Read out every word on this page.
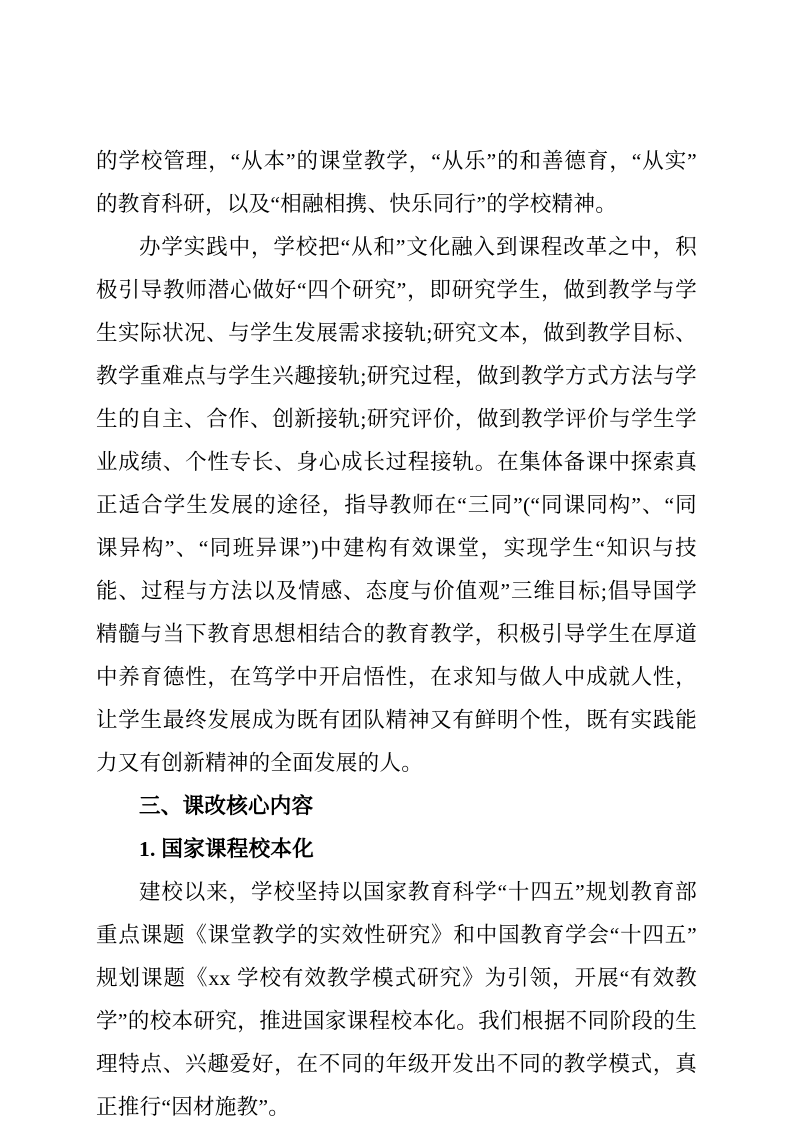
的学校管理，“从本”的课堂教学，“从乐”的和善德育，“从实”的教育科研，以及“相融相携、快乐同行”的学校精神。

办学实践中，学校把“从和”文化融入到课程改革之中，积极引导教师潜心做好“四个研究”，即研究学生，做到教学与学生实际状况、与学生发展需求接轨;研究文本，做到教学目标、教学重难点与学生兴趣接轨;研究过程，做到教学方式方法与学生的自主、合作、创新接轨;研究评价，做到教学评价与学生学业成绩、个性专长、身心成长过程接轨。在集体备课中探索真正适合学生发展的途径，指导教师在“三同”(“同课同构”、“同课异构”、“同班异课”)中建构有效课堂，实现学生“知识与技能、过程与方法以及情感、态度与价值观”三维目标;倡导国学精髓与当下教育思想相结合的教育教学，积极引导学生在厚道中养育德性，在笃学中开启悟性，在求知与做人中成就人性，让学生最终发展成为既有团队精神又有鲜明个性，既有实践能力又有创新精神的全面发展的人。

三、课改核心内容

1. 国家课程校本化

建校以来，学校坚持以国家教育科学“十四五”规划教育部重点课题《课堂教学的实效性研究》和中国教育学会“十四五”规划课题《xx 学校有效教学模式研究》为引领，开展“有效教学”的校本研究，推进国家课程校本化。我们根据不同阶段的生理特点、兴趣爱好，在不同的年级开发出不同的教学模式，真正推行“因材施教”。
